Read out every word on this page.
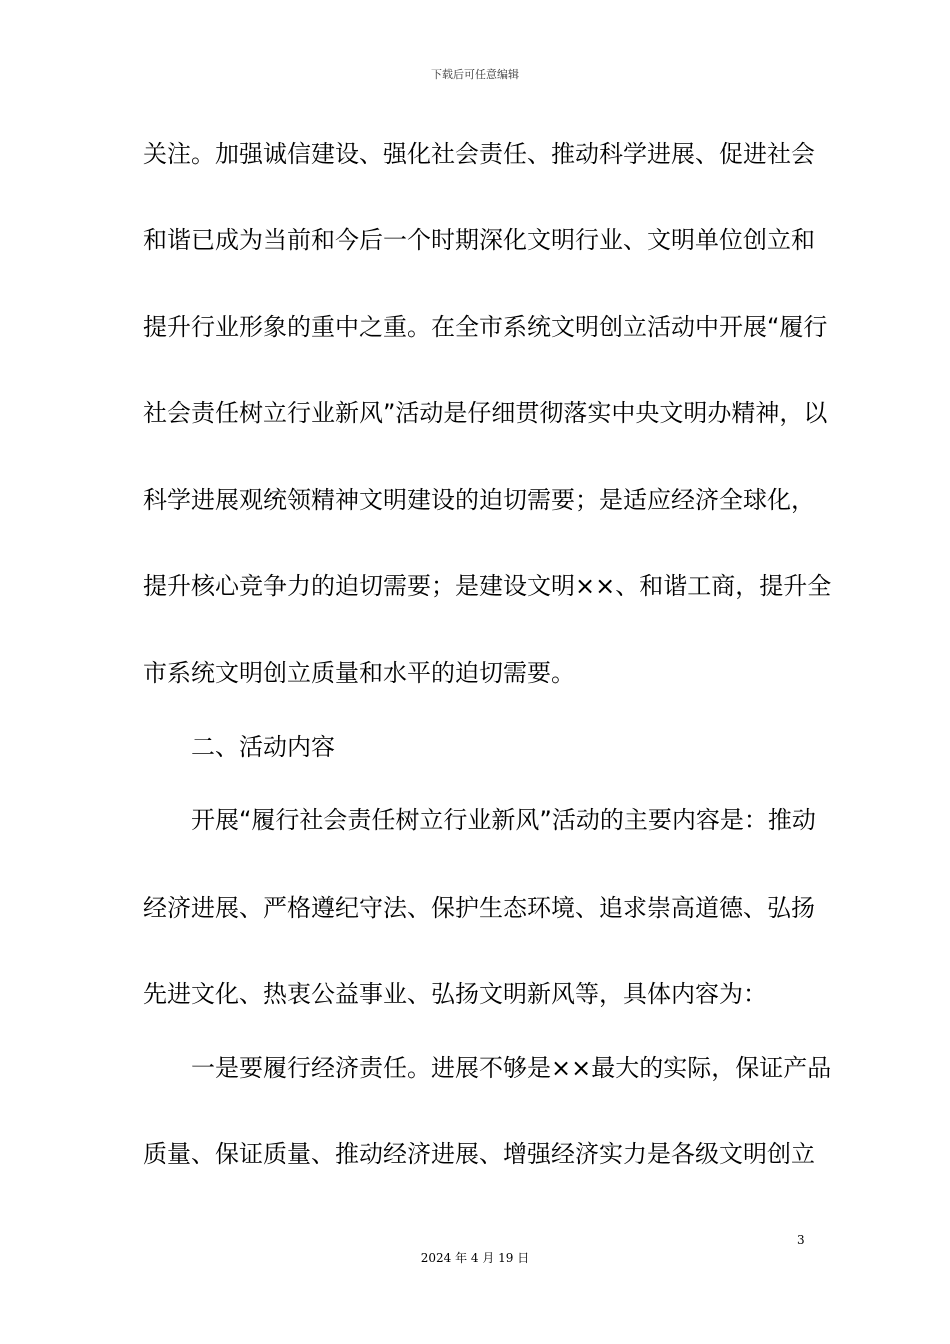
下载后可任意编辑
关注。加强诚信建设、强化社会责任、推动科学进展、促进社会
和谐已成为当前和今后一个时期深化文明行业、文明单位创立和
提升行业形象的重中之重。在全市系统文明创立活动中开展“履行
社会责任树立行业新风”活动是仔细贯彻落实中央文明办精神，以
科学进展观统领精神文明建设的迫切需要；是适应经济全球化，
提升核心竞争力的迫切需要；是建设文明××、和谐工商，提升全
市系统文明创立质量和水平的迫切需要。
二、活动内容
开展“履行社会责任树立行业新风”活动的主要内容是：推动
经济进展、严格遵纪守法、保护生态环境、追求崇高道德、弘扬
先进文化、热衷公益事业、弘扬文明新风等，具体内容为：
一是要履行经济责任。进展不够是××最大的实际，保证产品
质量、保证质量、推动经济进展、增强经济实力是各级文明创立
3
2024 年 4 月 19 日
